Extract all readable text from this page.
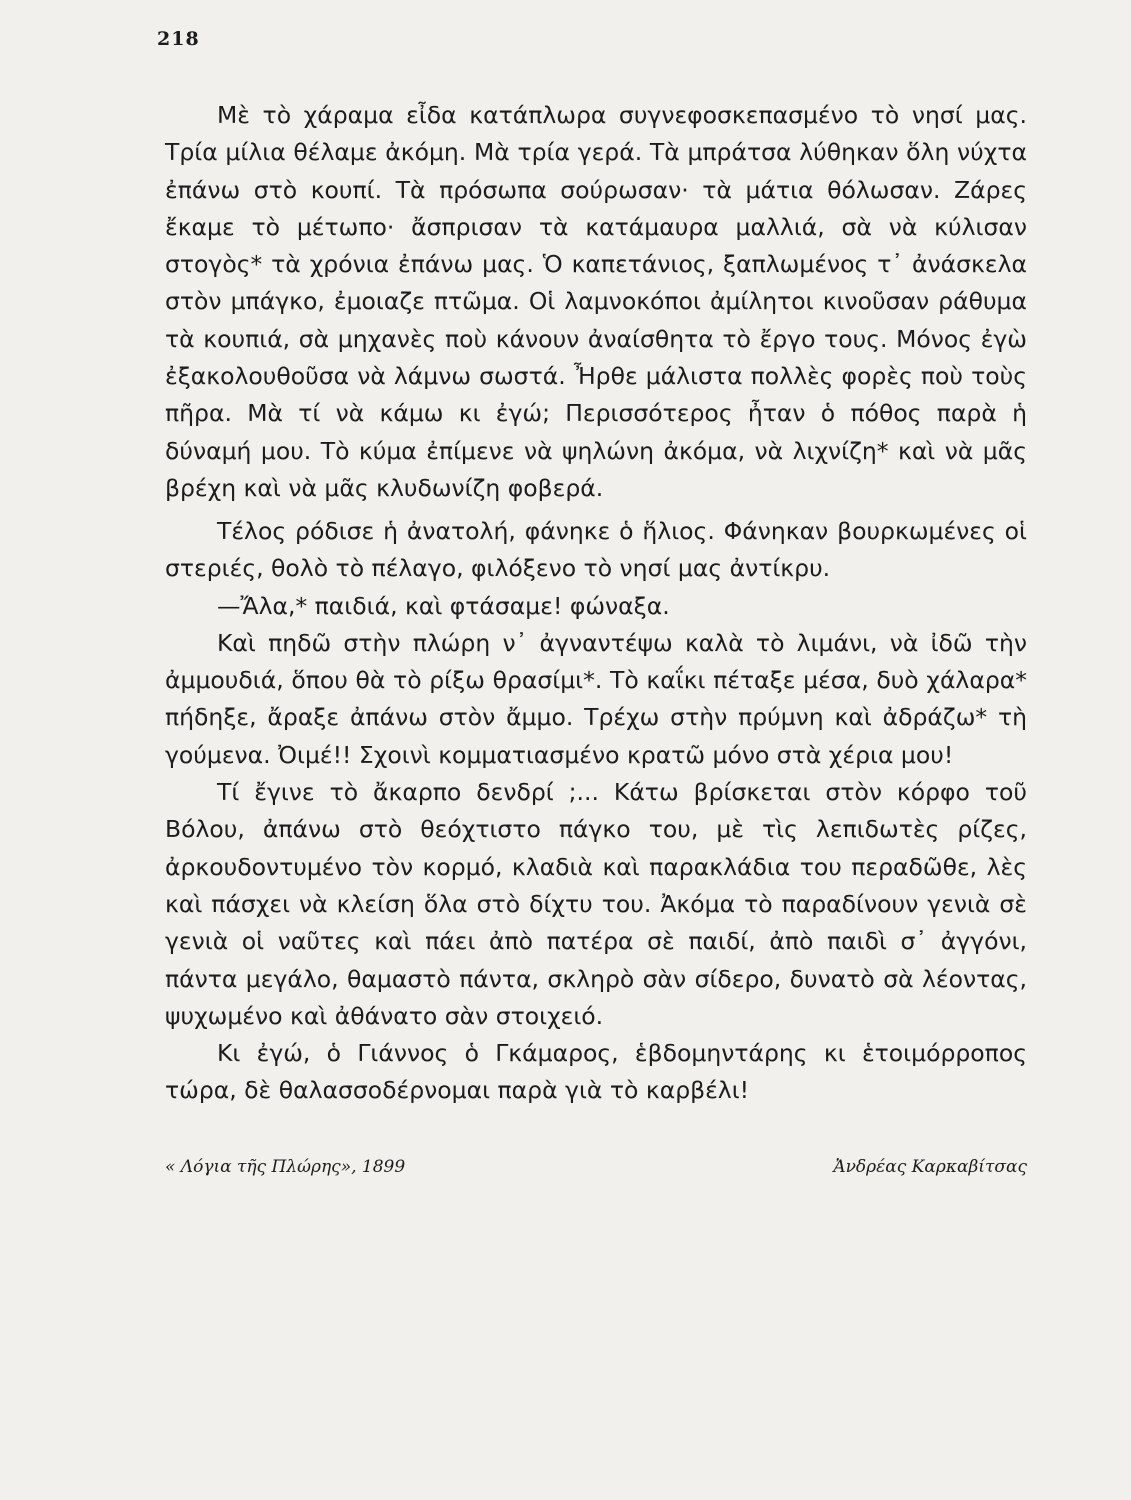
218

Μὲ τὸ χάραμα εἶδα κατάπλωρα συγνεφοσκεπασμένο τὸ νησί μας. Τρία μίλια θέλαμε ἀκόμη. Μὰ τρία γερά. Τὰ μπράτσα λύθηκαν ὅλη νύχτα ἐπάνω στὸ κουπί. Τὰ πρόσωπα σούρωσαν· τὰ μάτια θόλωσαν. Ζάρες ἔκαμε τὸ μέτωπο· ἄσπρισαν τὰ κατάμαυρα μαλλιά, σὰ νὰ κύλισαν στογὸς* τὰ χρόνια ἐπάνω μας. Ὁ καπετάνιος, ξαπλωμένος τ᾿ ἀνάσκελα στὸν μπάγκο, ἐμοιαζε πτῶμα. Οἱ λαμνοκόποι ἀμίλητοι κινοῦσαν ράθυμα τὰ κουπιά, σὰ μηχανὲς ποὺ κάνουν ἀναίσθητα τὸ ἔργο τους. Μόνος ἐγὼ ἐξακολουθοῦσα νὰ λάμνω σωστά. Ἦρθε μάλιστα πολλὲς φορὲς ποὺ τοὺς πῆρα. Μὰ τί νὰ κάμω κι ἐγώ; Περισσότερος ἦταν ὁ πόθος παρὰ ἡ δύναμή μου. Τὸ κύμα ἐπίμενε νὰ ψηλώνη ἀκόμα, νὰ λιχνίζη* καὶ νὰ μᾶς βρέχη καὶ νὰ μᾶς κλυδωνίζη φοβερά.

Τέλος ρόδισε ἡ ἀνατολή, φάνηκε ὁ ἥλιος. Φάνηκαν βουρκωμένες οἱ στεριές, θολὸ τὸ πέλαγο, φιλόξενο τὸ νησί μας ἀντίκρυ.

—Ἄλα,* παιδιά, καὶ φτάσαμε! φώναξα.

Καὶ πηδῶ στὴν πλώρη ν᾿ ἀγναντέψω καλὰ τὸ λιμάνι, νὰ ἰδῶ τὴν ἀμμουδιά, ὅπου θὰ τὸ ρίξω θρασίμι*. Τὸ καΐκι πέταξε μέσα, δυὸ χάλαρα* πήδηξε, ἄραξε ἀπάνω στὸν ἄμμο. Τρέχω στὴν πρύμνη καὶ ἀδράζω* τὴ γούμενα. Ὀιμέ!! Σχοινὶ κομματιασμένο κρατῶ μόνο στὰ χέρια μου!

Τί ἔγινε τὸ ἄκαρπο δενδρί ;... Κάτω βρίσκεται στὸν κόρφο τοῦ Βόλου, ἀπάνω στὸ θεόχτιστο πάγκο του, μὲ τὶς λεπιδωτὲς ρίζες, ἀρκουδοντυμένο τὸν κορμό, κλαδιὰ καὶ παρακλάδια του περαδῶθε, λὲς καὶ πάσχει νὰ κλείση ὅλα στὸ δίχτυ του. Ἀκόμα τὸ παραδίνουν γενιὰ σὲ γενιὰ οἱ ναῦτες καὶ πάει ἀπὸ πατέρα σὲ παιδί, ἀπὸ παιδὶ σ᾿ ἀγγόνι, πάντα μεγάλο, θαμαστὸ πάντα, σκληρὸ σὰν σίδερο, δυνατὸ σὰ λέοντας, ψυχωμένο καὶ ἀθάνατο σὰν στοιχειό.

Κι ἐγώ, ὁ Γιάννος ὁ Γκάμαρος, ἑβδομηντάρης κι ἑτοιμόρροπος τώρα, δὲ θαλασσοδέρνομαι παρὰ γιὰ τὸ καρβέλι!

« Λόγια τῆς Πλώρης», 1899	Ἀνδρέας Καρκαβίτσας
